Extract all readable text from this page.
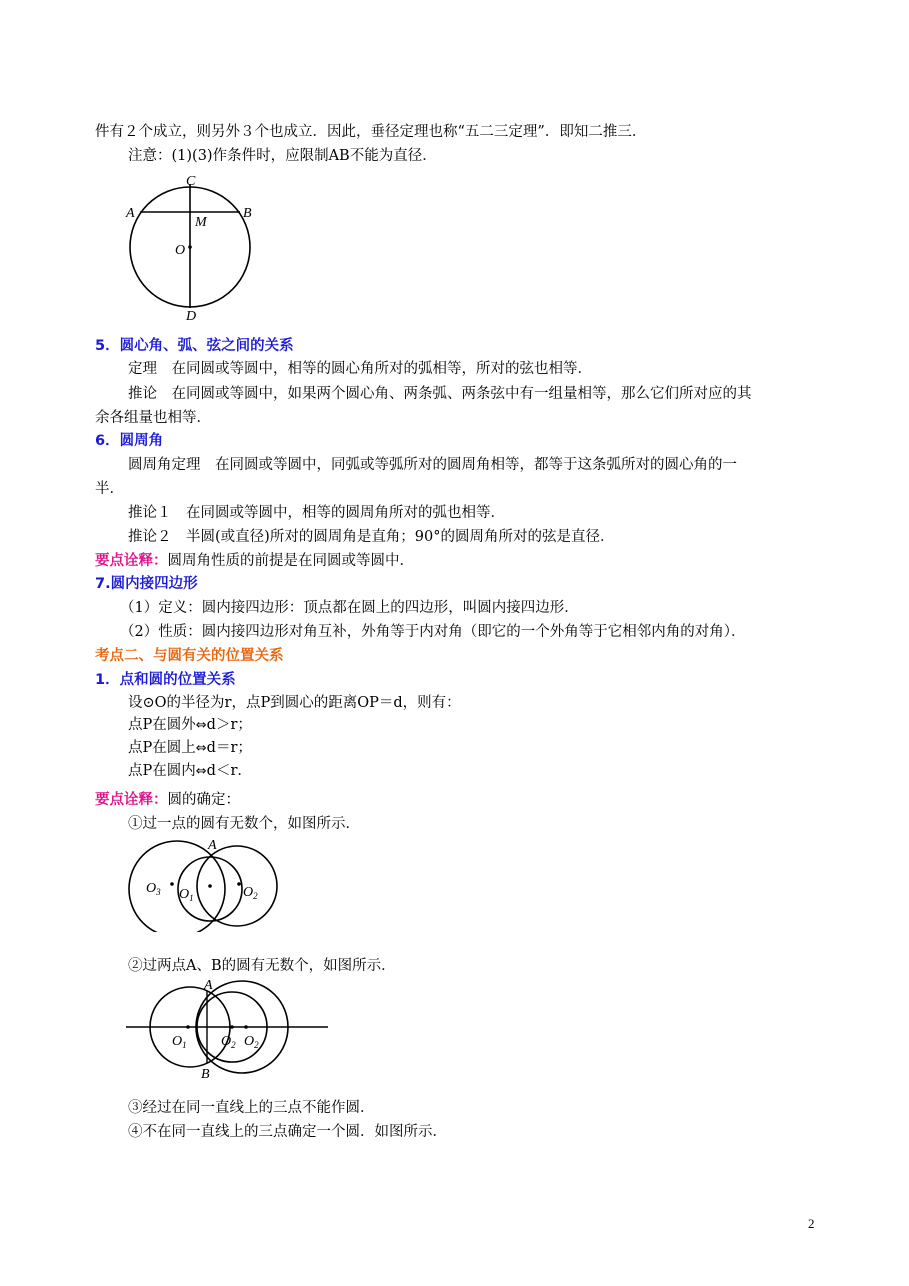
件有２个成立，则另外３个也成立．因此，垂径定理也称“五二三定理”．即知二推三．
注意：(1)(3)作条件时，应限制AB不能为直径．
C
A	B
M
O
D
5．圆心角、弧、弦之间的关系
定理　在同圆或等圆中，相等的圆心角所对的弧相等，所对的弦也相等．
推论　在同圆或等圆中，如果两个圆心角、两条弧、两条弦中有一组量相等，那么它们所对应的其
余各组量也相等．
6．圆周角
圆周角定理　在同圆或等圆中，同弧或等弧所对的圆周角相等，都等于这条弧所对的圆心角的一
半．
推论１　在同圆或等圆中，相等的圆周角所对的弧也相等．
推论２　半圆(或直径)所对的圆周角是直角；90°的圆周角所对的弦是直径．
要点诠释：圆周角性质的前提是在同圆或等圆中．
7.圆内接四边形
（1）定义：圆内接四边形：顶点都在圆上的四边形，叫圆内接四边形．
（2）性质：圆内接四边形对角互补，外角等于内对角（即它的一个外角等于它相邻内角的对角）．
考点二、与圆有关的位置关系
1．点和圆的位置关系
设⊙O的半径为r，点P到圆心的距离OP＝d，则有：
点P在圆外⇔d＞r；
点P在圆上⇔d＝r；
点P在圆内⇔d＜r．
要点诠释：圆的确定：
①过一点的圆有无数个，如图所示．
A
$O_3$ $O_1$	$O_2$
②过两点A、B的圆有无数个，如图所示．
A
B
$O_1$ $O_2$ $O_2$
③经过在同一直线上的三点不能作圆．
④不在同一直线上的三点确定一个圆．如图所示．
2
